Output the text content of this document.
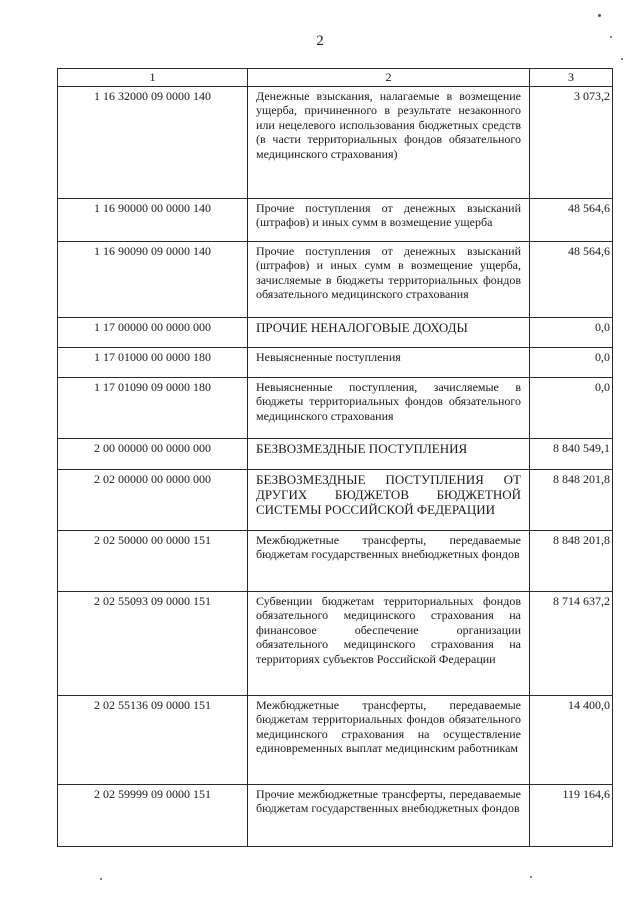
2
1	2	3
1 16 32000 09 0000 140	Денежные взыскания, налагаемые в возмещение ущерба, причиненного в результате незаконного или нецелевого использования бюджетных средств (в части территориальных фондов обязательного медицинского страхования)	3 073,2
1 16 90000 00 0000 140	Прочие поступления от денежных взысканий (штрафов) и иных сумм в возмещение ущерба	48 564,6
1 16 90090 09 0000 140	Прочие поступления от денежных взысканий (штрафов) и иных сумм в возмещение ущерба, зачисляемые в бюджеты территориальных фондов обязательного медицинского страхования	48 564,6
1 17 00000 00 0000 000	ПРОЧИЕ НЕНАЛОГОВЫЕ ДОХОДЫ	0,0
1 17 01000 00 0000 180	Невыясненные поступления	0,0
1 17 01090 09 0000 180	Невыясненные поступления, зачисляемые в бюджеты территориальных фондов обязательного медицинского страхования	0,0
2 00 00000 00 0000 000	БЕЗВОЗМЕЗДНЫЕ ПОСТУПЛЕНИЯ	8 840 549,1
2 02 00000 00 0000 000	БЕЗВОЗМЕЗДНЫЕ ПОСТУПЛЕНИЯ ОТ ДРУГИХ БЮДЖЕТОВ БЮДЖЕТНОЙ СИСТЕМЫ РОССИЙСКОЙ ФЕДЕРАЦИИ	8 848 201,8
2 02 50000 00 0000 151	Межбюджетные трансферты, передаваемые бюджетам государственных внебюджетных фондов	8 848 201,8
2 02 55093 09 0000 151	Субвенции бюджетам территориальных фондов обязательного медицинского страхования на финансовое обеспечение организации обязательного медицинского страхования на территориях субъектов Российской Федерации	8 714 637,2
2 02 55136 09 0000 151	Межбюджетные трансферты, передаваемые бюджетам территориальных фондов обязательного медицинского страхования на осуществление единовременных выплат медицинским работникам	14 400,0
2 02 59999 09 0000 151	Прочие межбюджетные трансферты, передаваемые бюджетам государственных внебюджетных фондов	119 164,6
